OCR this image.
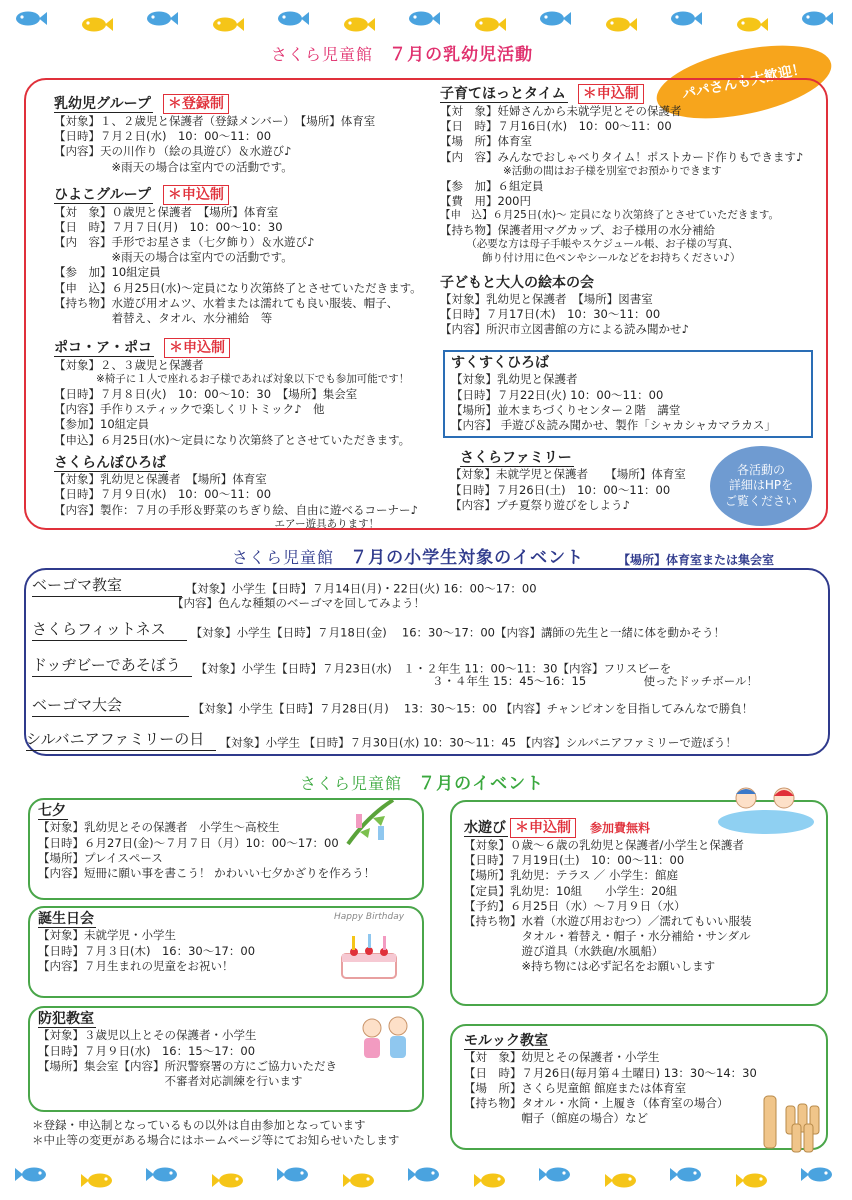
さくら児童館 ７月の乳幼児活動
パパさんも大歓迎！
乳幼児グループ ＊登録制
【対象】１、２歳児と保護者（登録メンバー）　【場所】体育室
【日時】７月２日(水)　10：00～11：00
【内容】天の川作り（絵の具遊び）＆水遊び♪
　　　　　※雨天の場合は室内での活動です。
ひよこグループ ＊申込制
【対　象】０歳児と保護者　【場所】体育室
【日　時】７月７日(月)　10：00～10：30
【内　容】手形でお星さま（七夕飾り）＆水遊び♪
　　　　　※雨天の場合は室内での活動です。
【参　加】10組定員
【申　込】６月25日(水)～定員になり次第終了とさせていただきます。
【持ち物】水遊び用オムツ、水着または濡れても良い服装、帽子、
　　　　　着替え、タオル、水分補給　等
ポコ・ア・ポコ ＊申込制
【対象】２、３歳児と保護者
　　　　※椅子に１人で座れるお子様であれば対象以下でも参加可能です！
【日時】７月８日(火)　10：00～10：30　【場所】集会室
【内容】手作りスティックで楽しくリトミック♪　他
【参加】10組定員
【申込】６月25日(水)～定員になり次第終了とさせていただきます。
さくらんぼひろば
【対象】乳幼児と保護者　【場所】体育室
【日時】７月９日(水)　10：00～11：00
【内容】製作：７月の手形＆野菜のちぎり絵、自由に遊べるコーナー♪
　　　　　　　　　　　　　　　　　　　　　エアー遊具あります！
子育てほっとタイム ＊申込制
【対　象】妊婦さんから未就学児とその保護者
【日　時】７月16日(水)　10：00～11：00
【場　所】体育室
【内　容】みんなでおしゃべりタイム！ポストカード作りもできます♪
　　　　　　※活動の間はお子様を別室でお預かりできます
【参　加】６組定員
【費　用】200円
【申　込】６月25日(水)～ 定員になり次第終了とさせていただきます。
【持ち物】保護者用マグカップ、お子様用の水分補給
　　　（必要な方は母子手帳やスケジュール帳、お子様の写真、
　　　　飾り付け用に色ペンやシールなどをお持ちください♪）
子どもと大人の絵本の会
【対象】乳幼児と保護者　【場所】図書室
【日時】７月17日(木)　10：30～11：00
【内容】所沢市立図書館の方による読み聞かせ♪
すくすくひろば
【対象】乳幼児と保護者
【日時】７月22日(火) 10：00～11：00
【場所】並木まちづくりセンター２階　講堂
【内容】 手遊び＆読み聞かせ、製作「シャカシャカマラカス」
さくらファミリー
【対象】未就学児と保護者　　【場所】体育室
【日時】７月26日(土)　10：00～11：00
【内容】プチ夏祭り遊びをしよう♪
各活動の
詳細はHPを
ご覧ください
さくら児童館 ７月の小学生対象のイベント	【場所】体育室または集会室
ベーゴマ教室	【対象】小学生【日時】７月14日(月)・22日(火) 16：00～17：00
【内容】色んな種類のベーゴマを回してみよう！
さくらフィットネス 【対象】小学生【日時】７月18日(金)　 16：30～17：00【内容】講師の先生と一緒に体を動かそう！
ドッヂビーであそぼう 【対象】小学生【日時】７月23日(水)　１・２年生 11：00～11：30【内容】フリスビーを
３・４年生 15：45～16：15　　　　　使ったドッチボール！
ベーゴマ大会	【対象】小学生【日時】７月28日(月)　 13：30～15：00 【内容】チャンピオンを目指してみんなで勝負！
シルバニアファミリーの日 【対象】小学生 【日時】７月30日(水) 10：30～11：45 【内容】シルバニアファミリーで遊ぼう！
さくら児童館 ７月のイベント
七夕
【対象】乳幼児とその保護者　小学生～高校生
【日時】６月27日(金)～７月７日（月）10：00～17：00
【場所】プレイスペース
【内容】短冊に願い事を書こう！ かわいい七夕かざりを作ろう！
誕生日会
【対象】未就学児・小学生
【日時】７月３日(木)　16：30～17：00
【内容】７月生まれの児童をお祝い！
Happy Birthday
防犯教室
【対象】３歳児以上とその保護者・小学生
【日時】７月９日(水)　16：15～17：00
【場所】集会室【内容】所沢警察署の方にご協力いただき
　　　　　　　　　　　不審者対応訓練を行います
水遊び ＊申込制 参加費無料
【対象】０歳～６歳の乳幼児と保護者/小学生と保護者
【日時】７月19日(土)　10：00～11：00
【場所】乳幼児：テラス ／ 小学生：館庭
【定員】乳幼児：10組　　小学生：20組
【予約】６月25日（水）～７月９日（水）
【持ち物】水着（水遊び用おむつ）／濡れてもいい服装
　　　　　タオル・着替え・帽子・水分補給・サンダル
　　　　　遊び道具（水鉄砲/水風船）
　　　　　※持ち物には必ず記名をお願いします
モルック教室
【対　象】幼児とその保護者・小学生
【日　時】７月26日(毎月第４土曜日) 13：30～14：30
【場　所】さくら児童館 館庭または体育室
【持ち物】タオル・水筒・上履き（体育室の場合）
　　　　　帽子（館庭の場合）など
＊登録・申込制となっているもの以外は自由参加となっています
＊中止等の変更がある場合にはホームページ等にてお知らせいたします
